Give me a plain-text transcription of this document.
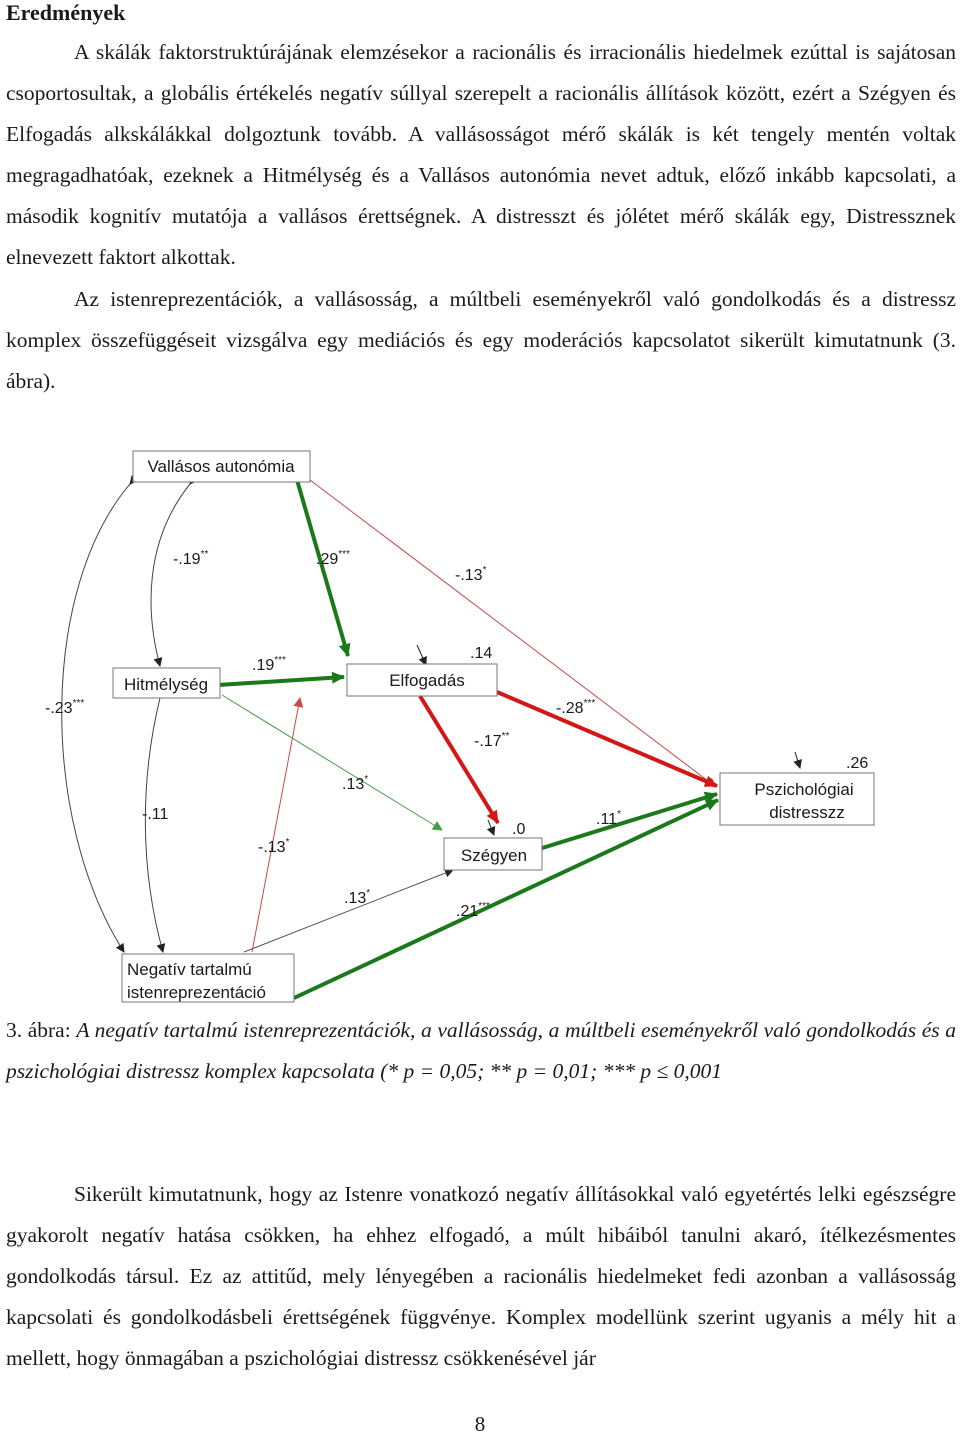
Eredmények

A skálák faktorstruktúrájának elemzésekor a racionális és irracionális hiedelmek ezúttal is sajátosan csoportosultak, a globális értékelés negatív súllyal szerepelt a racionális állítások között, ezért a Szégyen és Elfogadás alkskálákkal dolgoztunk tovább. A vallásosságot mérő skálák is két tengely mentén voltak megragadhatóak, ezeknek a Hitmélység és a Vallásos autonómia nevet adtuk, előző inkább kapcsolati, a második kognitív mutatója a vallásos érettségnek. A distresszt és jólétet mérő skálák egy, Distressznek elnevezett faktort alkottak.

Az istenreprezentációk, a vallásosság, a múltbeli eseményekről való gondolkodás és a distressz komplex összefüggéseit vizsgálva egy mediációs és egy moderációs kapcsolatot sikerült kimutatnunk (3. ábra).

Vallásos autonómia
Hitmélység	Elfogadás
Szégyen
Negatív tartalmú
istenreprezentáció
Pszichológiai
distresszz
-.19**	.29***
-.13*
.19***	.14
-.23***	-.28***
-.17**
.26
.13*
-.11	.11*
.0
-.13*
.13*
.21***

3. ábra: A negatív tartalmú istenreprezentációk, a vallásosság, a múltbeli eseményekről való gondolkodás és a pszichológiai distressz komplex kapcsolata (* p = 0,05; ** p = 0,01; *** p ≤ 0,001

Sikerült kimutatnunk, hogy az Istenre vonatkozó negatív állításokkal való egyetértés lelki egészségre gyakorolt negatív hatása csökken, ha ehhez elfogadó, a múlt hibáiból tanulni akaró, ítélkezésmentes gondolkodás társul. Ez az attitűd, mely lényegében a racionális hiedelmeket fedi azonban a vallásosság kapcsolati és gondolkodásbeli érettségének függvénye. Komplex modellünk szerint ugyanis a mély hit a mellett, hogy önmagában a pszichológiai distressz csökkenésével jár

8
